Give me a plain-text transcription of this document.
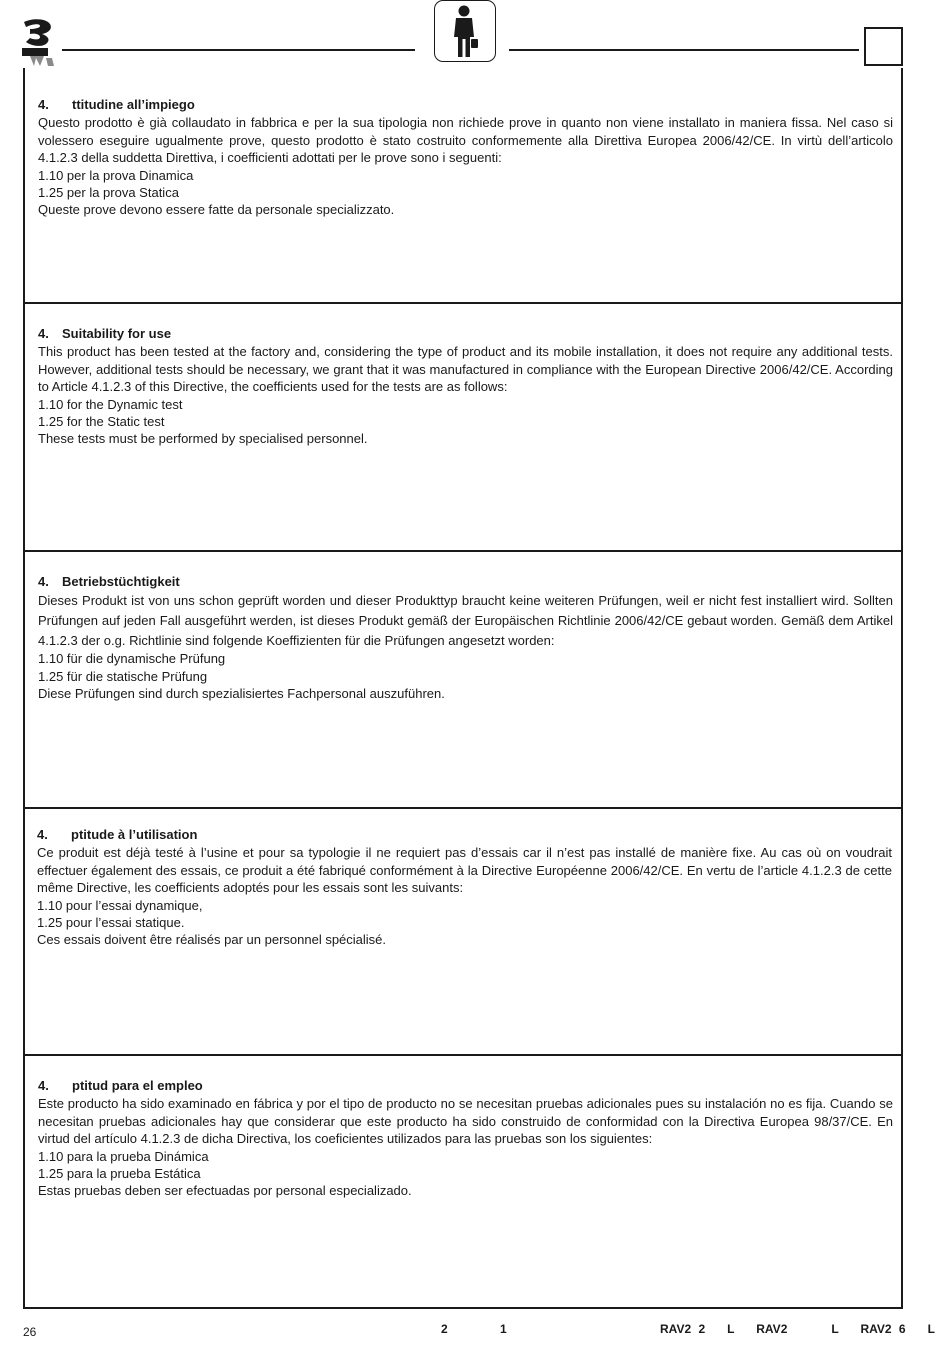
4. ttitudine all’impiego

Questo prodotto è già collaudato in fabbrica e per la sua tipologia non richiede prove in quanto non viene installato in maniera fissa. Nel caso si volessero eseguire ugualmente prove, questo prodotto è stato costruito conformemente alla Direttiva Europea 2006/42/CE. In virtù dell’articolo 4.1.2.3 della suddetta Direttiva, i coefficienti adottati per le prove sono i seguenti:

1.10 per la prova Dinamica

1.25 per la prova Statica

Queste prove devono essere fatte da personale specializzato.

4. Suitability for use

This product has been tested at the factory and, considering the type of product and its mobile installation, it does not require any additional tests. However, additional tests should be necessary, we grant that it was manufactured in compliance with the European Directive 2006/42/CE. According to Article 4.1.2.3 of this Directive, the coefficients used for the tests are as follows:

1.10 for the Dynamic test

1.25 for the Static test

These tests must be performed by specialised personnel.

4. Betriebstüchtigkeit

Dieses Produkt ist von uns schon geprüft worden und dieser Produkttyp braucht keine weiteren Prüfungen, weil er nicht fest installiert wird. Sollten Prüfungen auf jeden Fall ausgeführt werden, ist dieses Produkt gemäß der Europäischen Richtlinie 2006/42/CE gebaut worden. Gemäß dem Artikel 4.1.2.3 der o.g. Richtlinie sind folgende Koeffizienten für die Prüfungen angesetzt worden:

1.10 für die dynamische Prüfung

1.25 für die statische Prüfung

Diese Prüfungen sind durch spezialisiertes Fachpersonal auszuführen.

4. ptitude à l’utilisation

Ce produit est déjà testé à l’usine et pour sa typologie il ne requiert pas d’essais car il n’est pas installé de manière fixe. Au cas où on voudrait effectuer également des essais, ce produit a été fabriqué conformément à la Directive Européenne 2006/42/CE. En vertu de l’article 4.1.2.3 de cette même Directive, les coefficients adoptés pour les essais sont les suivants:

1.10 pour l’essai dynamique,

1.25 pour l’essai statique.

Ces essais doivent être réalisés par un personnel spécialisé.

4. ptitud para el empleo

Este producto ha sido examinado en fábrica y por el tipo de producto no se necesitan pruebas adicionales pues su instalación no es fija. Cuando se necesitan pruebas adicionales hay que considerar que este producto ha sido construido de conformidad con la Directiva Europea 98/37/CE. En virtud del artículo 4.1.2.3 de dicha Directiva, los coeficientes utilizados para las pruebas son los siguientes:

1.10 para la prueba Dinámica

1.25 para la prueba Estática

Estas pruebas deben ser efectuadas por personal especializado.

26	2	1	RAV2 2   L   RAV2      L   RAV2 6   L
